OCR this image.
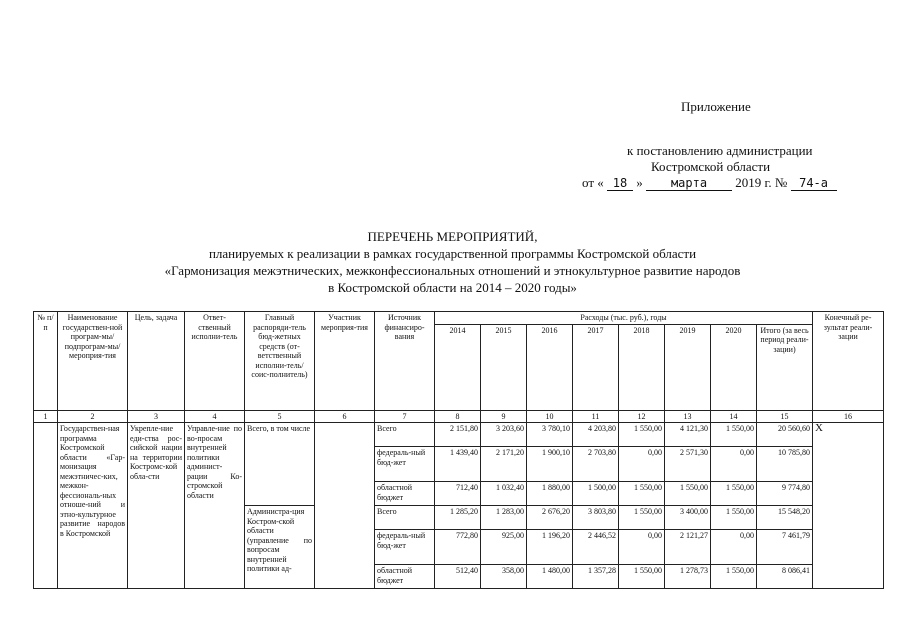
Приложение
к постановлению администрации
Костромской области
от « 18 » марта 2019 г. № 74-а
ПЕРЕЧЕНЬ МЕРОПРИЯТИЙ,
планируемых к реализации в рамках государственной программы Костромской области
«Гармонизация межэтнических, межконфессиональных отношений и этнокультурное развитие народов
в Костромской области на 2014 – 2020 годы»
№ п/п	Наименование государствен-ной програм-мы/ подпрограм-мы/мероприя-тия	Цель, задача	Ответ-ственный исполни-тель	Главный распоряди-тель бюд-жетных средств (от-ветственный исполни-тель/соис-полнитель)	Участник мероприя-тия	Источник финансиро-вания	Расходы (тыс. руб.), годы								Конечный ре-зультат реали-зации
							2014	2015	2016	2017	2018	2019	2020	Итого (за весь период реали-зации)	
1	2	3	4	5	6	7	8	9	10	11	12	13	14	15	16
	Государствен-ная программа Костромской области «Гар-монизация межэтничес-ких, межкон-фессиональ-ных отноше-ний и этно-культурное развитие народов в Костромской	Укрепле-ние еди-ства рос-сийской нации на территории Костромс-кой обла-сти	Управле-ние по во-просам внутренней политики админист-рации Ко-стромской области	Всего, в том числе		Всего	2 151,80	3 203,60	3 780,10	4 203,80	1 550,00	4 121,30	1 550,00	20 560,60	Х
						федераль-ный бюд-жет	1 439,40	2 171,20	1 900,10	2 703,80	0,00	2 571,30	0,00	10 785,80	
						областной бюджет	712,40	1 032,40	1 880,00	1 500,00	1 550,00	1 550,00	1 550,00	9 774,80	
				Администра-ция Костром-ской области (управление по вопросам внутренней политики ад-		Всего	1 285,20	1 283,00	2 676,20	3 803,80	1 550,00	3 400,00	1 550,00	15 548,20	
						федераль-ный бюд-жет	772,80	925,00	1 196,20	2 446,52	0,00	2 121,27	0,00	7 461,79	
						областной бюджет	512,40	358,00	1 480,00	1 357,28	1 550,00	1 278,73	1 550,00	8 086,41	
